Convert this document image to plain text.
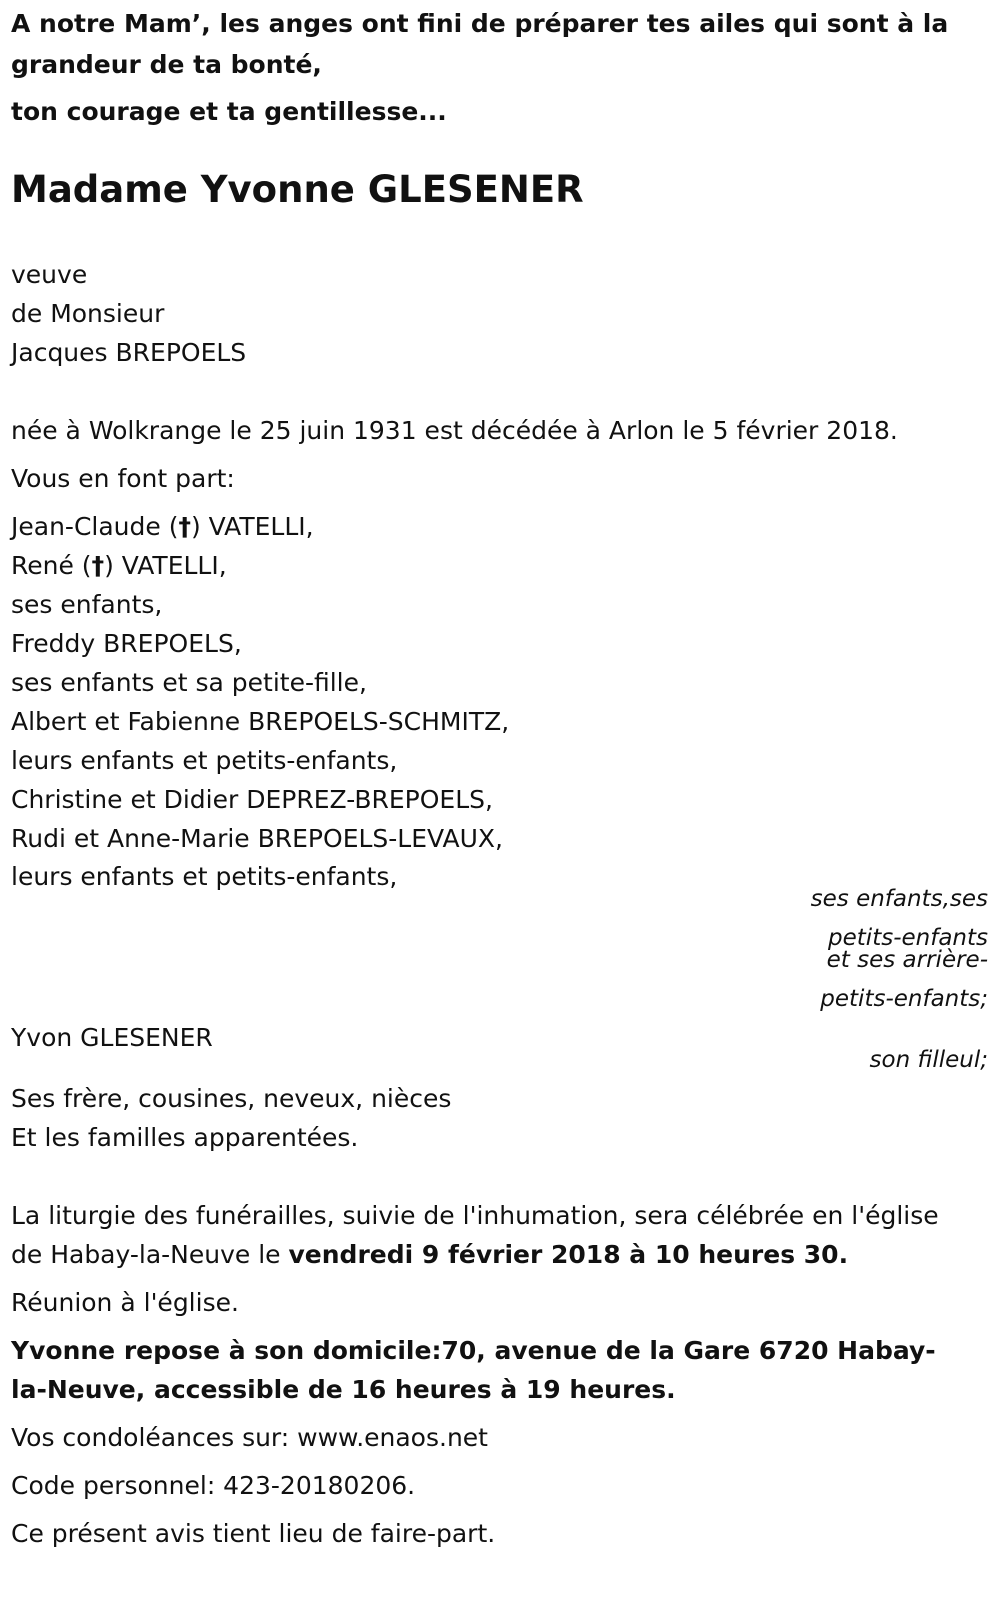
A notre Mam’, les anges ont fini de préparer tes ailes qui sont à la

grandeur de ta bonté,

ton courage et ta gentillesse...

Madame Yvonne GLESENER

veuve

de Monsieur

Jacques BREPOELS

née à Wolkrange le 25 juin 1931 est décédée à Arlon le 5 février 2018.

Vous en font part:

Jean-Claude (†) VATELLI,

René (†) VATELLI,

ses enfants,

Freddy BREPOELS,

ses enfants et sa petite-fille,

Albert et Fabienne BREPOELS-SCHMITZ,

leurs enfants et petits-enfants,

Christine et Didier DEPREZ-BREPOELS,

Rudi et Anne-Marie BREPOELS-LEVAUX,

leurs enfants et petits-enfants,

ses enfants,ses

petits-enfants

et ses arrière-

petits-enfants;

Yvon GLESENER

son filleul;

Ses frère, cousines, neveux, nièces

Et les familles apparentées.

La liturgie des funérailles, suivie de l'inhumation, sera célébrée en l'église

de Habay-la-Neuve le vendredi 9 février 2018 à 10 heures 30.

Réunion à l'église.

Yvonne repose à son domicile:70, avenue de la Gare 6720 Habay-

la-Neuve, accessible de 16 heures à 19 heures.

Vos condoléances sur: www.enaos.net

Code personnel: 423-20180206.

Ce présent avis tient lieu de faire-part.
